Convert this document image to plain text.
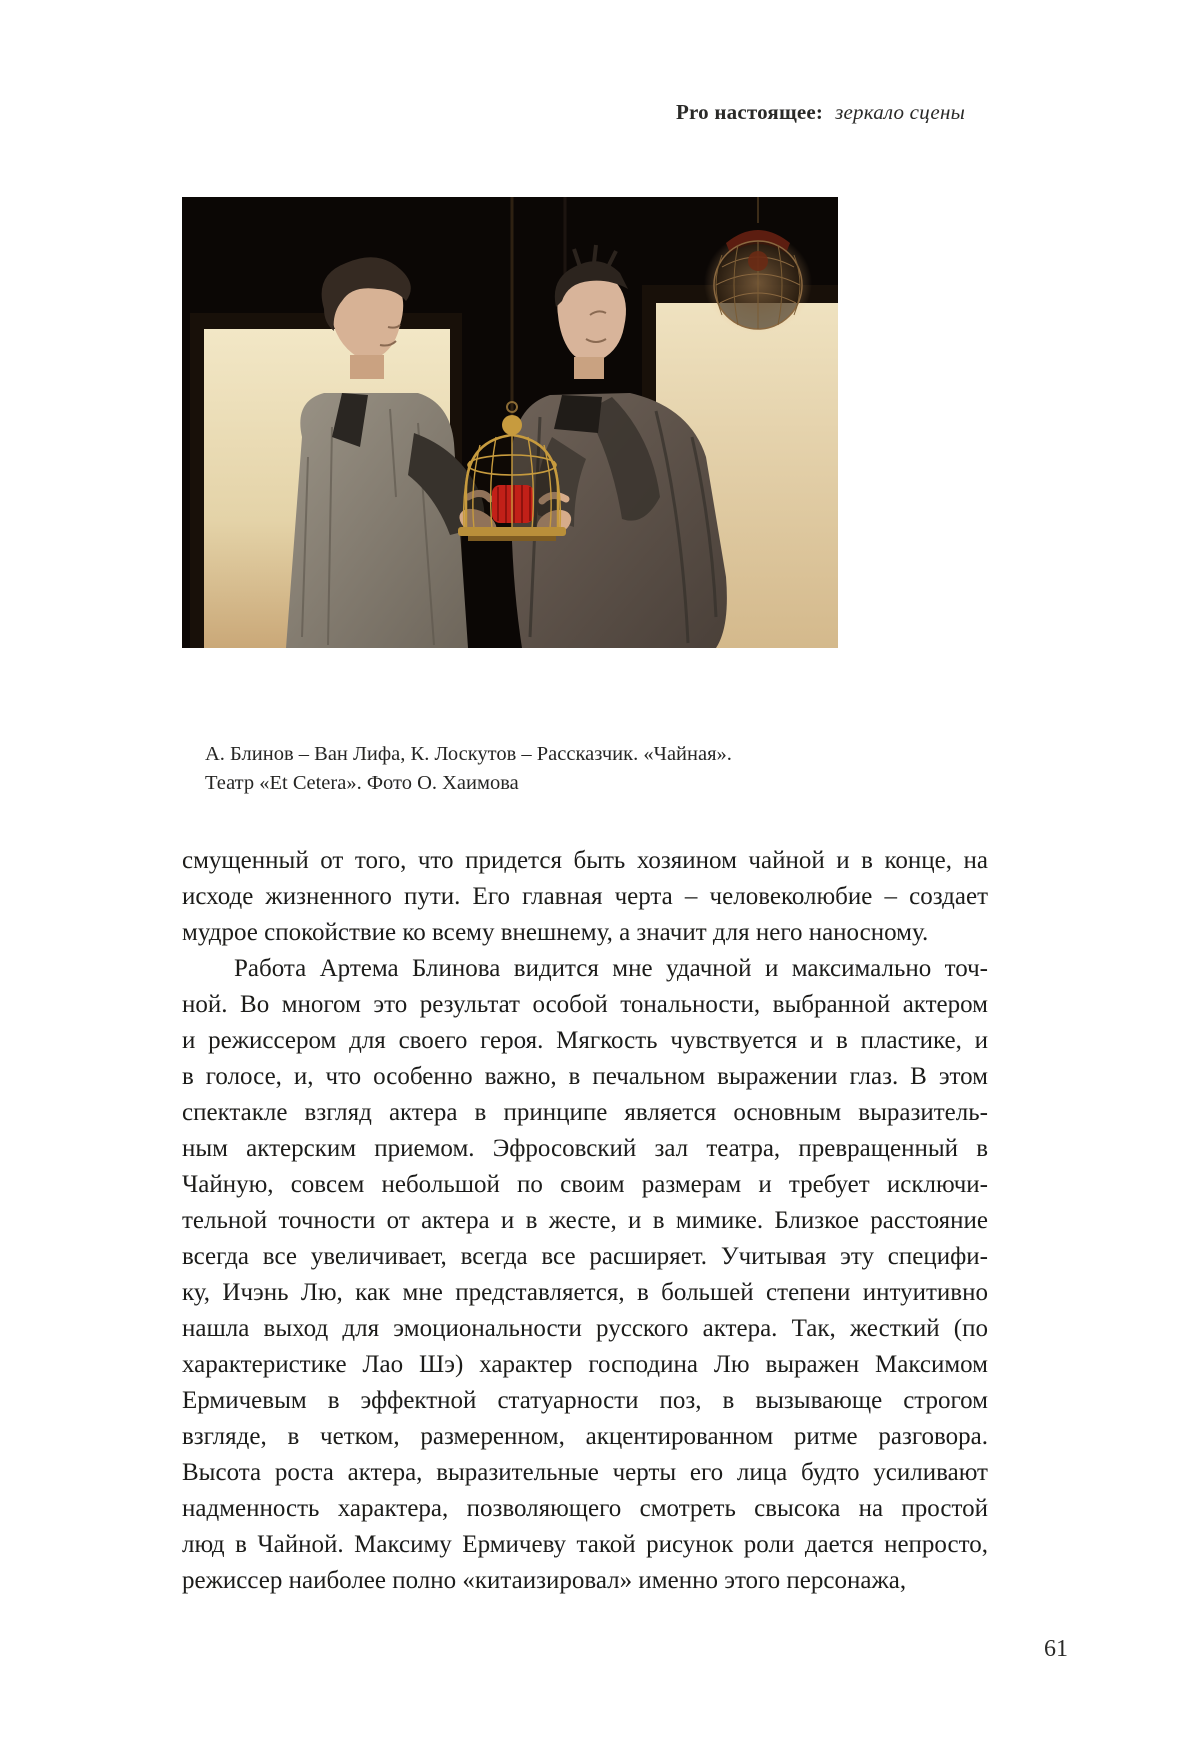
Pro настоящее: зеркало сцены
А. Блинов – Ван Лифа, К. Лоскутов – Рассказчик. «Чайная».
Театр «Et Cetera». Фото О. Хаимова
смущенный от того, что придется быть хозяином чайной и в конце, на
исходе жизненного пути. Его главная черта – человеколюбие – создает
мудрое спокойствие ко всему внешнему, а значит для него наносному.
Работа Артема Блинова видится мне удачной и максимально точ-
ной. Во многом это результат особой тональности, выбранной актером
и режиссером для своего героя. Мягкость чувствуется и в пластике, и
в голосе, и, что особенно важно, в печальном выражении глаз. В этом
спектакле взгляд актера в принципе является основным выразитель-
ным актерским приемом. Эфросовский зал театра, превращенный в
Чайную, совсем небольшой по своим размерам и требует исключи-
тельной точности от актера и в жесте, и в мимике. Близкое расстояние
всегда все увеличивает, всегда все расширяет. Учитывая эту специфи-
ку, Ичэнь Лю, как мне представляется, в большей степени интуитивно
нашла выход для эмоциональности русского актера. Так, жесткий (по
характеристике Лао Шэ) характер господина Лю выражен Максимом
Ермичевым в эффектной статуарности поз, в вызывающе строгом
взгляде, в четком, размеренном, акцентированном ритме разговора.
Высота роста актера, выразительные черты его лица будто усиливают
надменность характера, позволяющего смотреть свысока на простой
люд в Чайной. Максиму Ермичеву такой рисунок роли дается непросто,
режиссер наиболее полно «китаизировал» именно этого персонажа,
61
